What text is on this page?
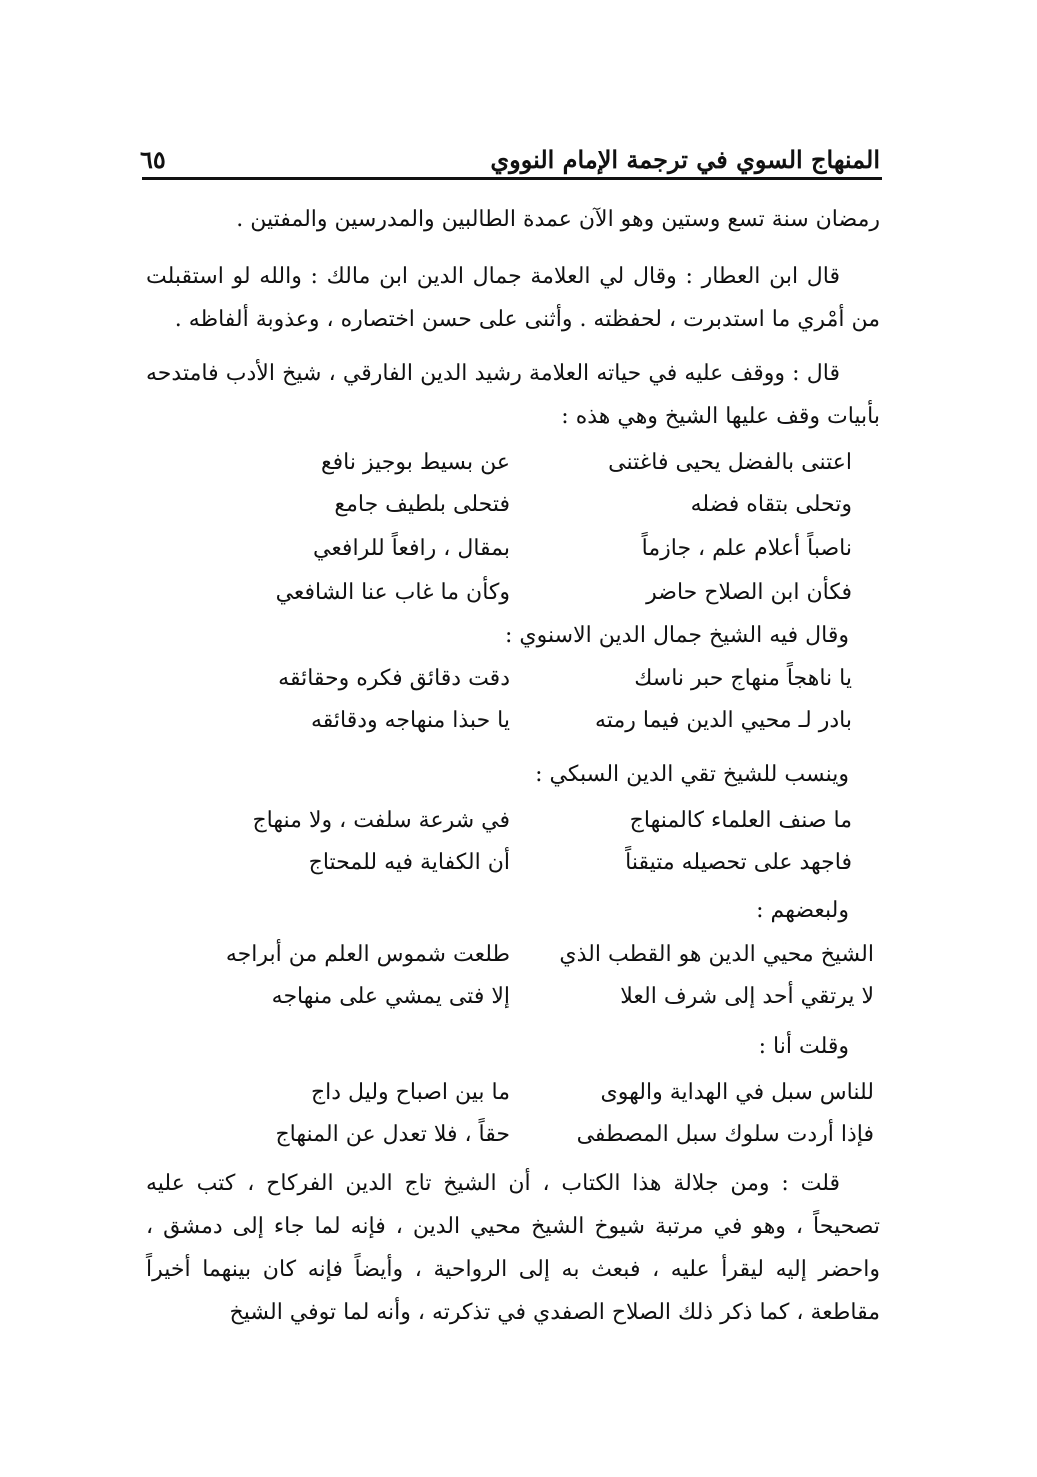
المنهاج السوي في ترجمة الإمام النووي
٦٥
رمضان سنة تسع وستين وهو الآن عمدة الطالبين والمدرسين والمفتين .
قال ابن العطار : وقال لي العلامة جمال الدين ابن مالك : والله لو استقبلت من أمْري ما استدبرت ، لحفظته . وأثنى على حسن اختصاره ، وعذوبة ألفاظه .
قال : ووقف عليه في حياته العلامة رشيد الدين الفارقي ، شيخ الأدب فامتدحه بأبيات وقف عليها الشيخ وهي هذه :
اعتنى بالفضل يحيى فاغتنى
عن بسيط بوجيز نافع
وتحلى بتقاه فضله
فتحلى بلطيف جامع
ناصباً أعلام علم ، جازماً
بمقال ، رافعاً للرافعي
فكأن ابن الصلاح حاضر
وكأن ما غاب عنا الشافعي
وقال فيه الشيخ جمال الدين الاسنوي :
يا ناهجاً منهاج حبر ناسك
دقت دقائق فكره وحقائقه
بادر لـ محيي الدين فيما رمته
يا حبذا منهاجه ودقائقه
وينسب للشيخ تقي الدين السبكي :
ما صنف العلماء كالمنهاج
في شرعة سلفت ، ولا منهاج
فاجهد على تحصيله متيقناً
أن الكفاية فيه للمحتاج
ولبعضهم :
الشيخ محيي الدين هو القطب الذي
طلعت شموس العلم من أبراجه
لا يرتقي أحد إلى شرف العلا
إلا فتى يمشي على منهاجه
وقلت أنا :
للناس سبل في الهداية والهوى
ما بين اصباح وليل داج
فإذا أردت سلوك سبل المصطفى
حقاً ، فلا تعدل عن المنهاج
قلت : ومن جلالة هذا الكتاب ، أن الشيخ تاج الدين الفركاح ، كتب عليه تصحيحاً ، وهو في مرتبة شيوخ الشيخ محيي الدين ، فإنه لما جاء إلى دمشق ، واحضر إليه ليقرأ عليه ، فبعث به إلى الرواحية ، وأيضاً فإنه كان بينهما أخيراً مقاطعة ، كما ذكر ذلك الصلاح الصفدي في تذكرته ، وأنه لما توفي الشيخ
